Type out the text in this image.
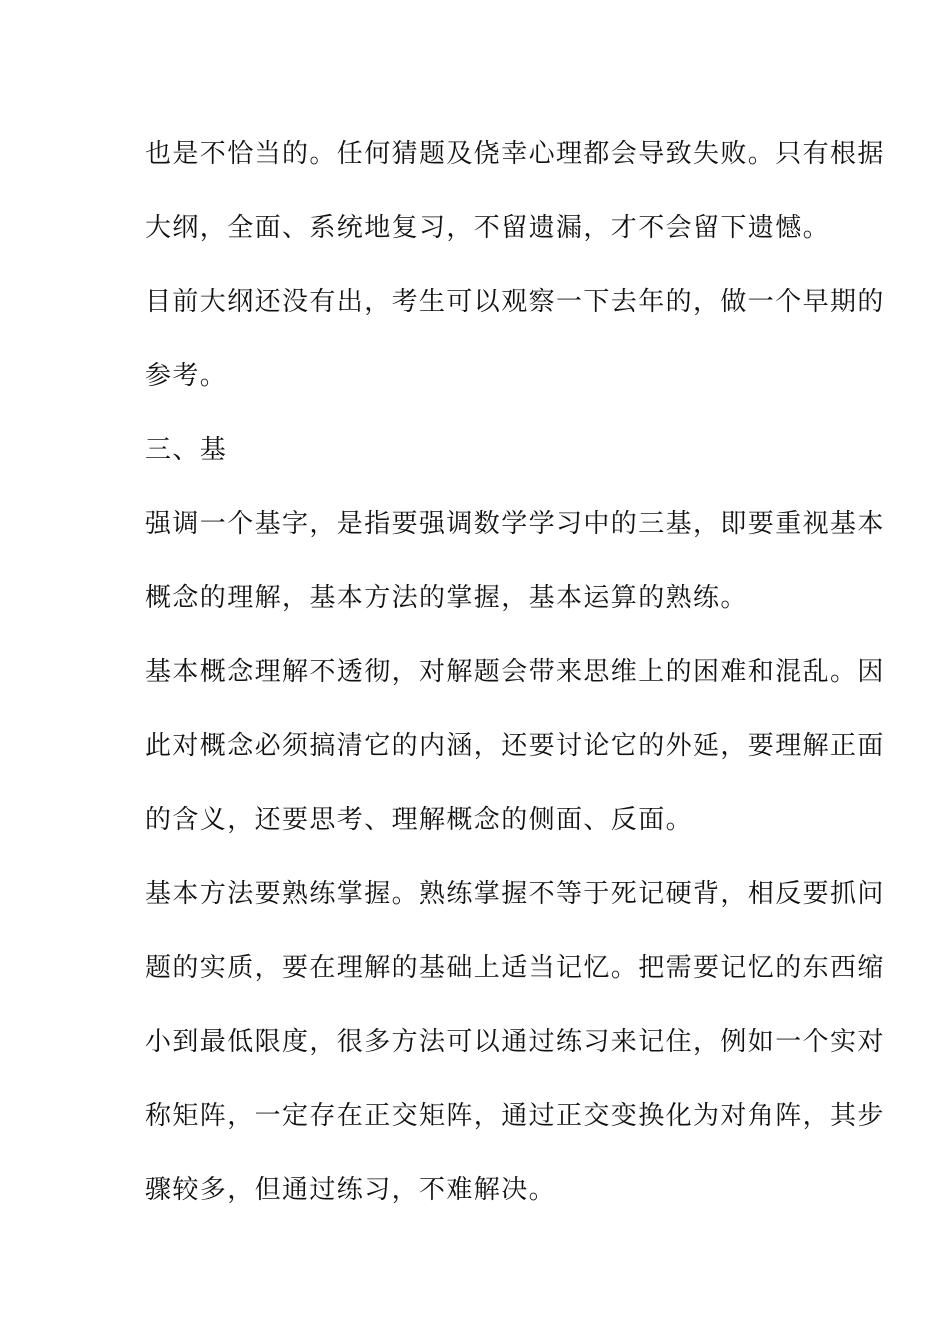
也是不恰当的。任何猜题及侥幸心理都会导致失败。只有根据
大纲，全面、系统地复习，不留遗漏，才不会留下遗憾。
目前大纲还没有出，考生可以观察一下去年的，做一个早期的
参考。
三、基
强调一个基字，是指要强调数学学习中的三基，即要重视基本
概念的理解，基本方法的掌握，基本运算的熟练。
基本概念理解不透彻，对解题会带来思维上的困难和混乱。因
此对概念必须搞清它的内涵，还要讨论它的外延，要理解正面
的含义，还要思考、理解概念的侧面、反面。
基本方法要熟练掌握。熟练掌握不等于死记硬背，相反要抓问
题的实质，要在理解的基础上适当记忆。把需要记忆的东西缩
小到最低限度，很多方法可以通过练习来记住，例如一个实对
称矩阵，一定存在正交矩阵，通过正交变换化为对角阵，其步
骤较多，但通过练习，不难解决。
